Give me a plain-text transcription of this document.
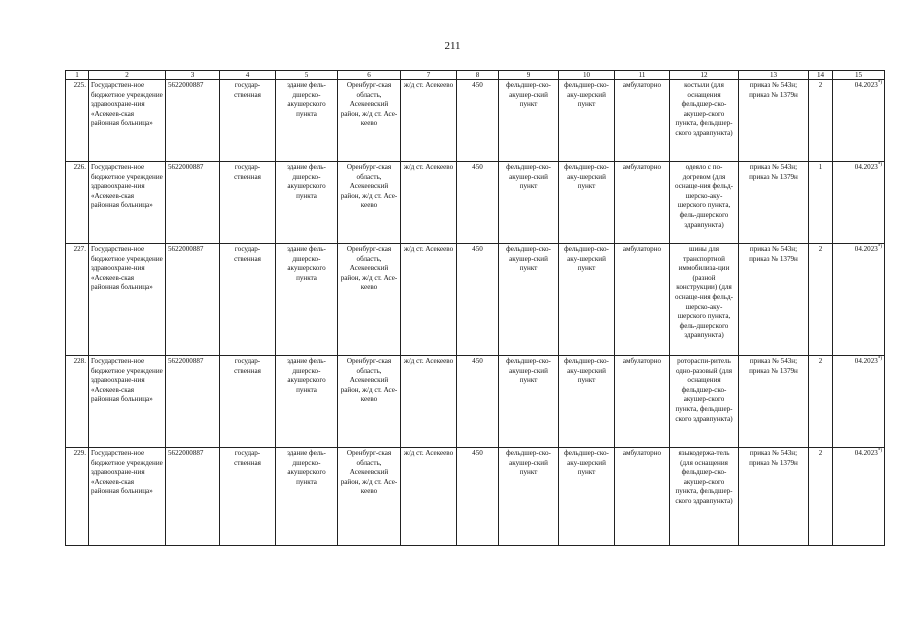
211
1	2	3	4	5	6	7	8	9	10	11	12	13	14	15
225.	Государствен-ное бюджетное учреждение здравоохране-ния «Асекеев-ская районная больница»	5622000887	государ-ственная	здание фель-дшерско-акушерского пункта	Оренбург-ская область, Асекеевский район, ж/д ст. Асе-кеево	ж/д ст. Асекеево	450	фельдшер-ско-акушер-ский пункт	фельдшер-ско-аку-шерский пункт	амбулаторно	костыли (для оснащения фельдшер-ско-акушер-ского пункта, фельдшер-ского здравпункта)	приказ № 543н; приказ № 1379н	2	04.2023*)
226.	Государствен-ное бюджетное учреждение здравоохране-ния «Асекеев-ская районная больница»	5622000887	государ-ственная	здание фель-дшерско-акушерского пункта	Оренбург-ская область, Асекеевский район, ж/д ст. Асе-кеево	ж/д ст. Асекеево	450	фельдшер-ско-акушер-ский пункт	фельдшер-ско-аку-шерский пункт	амбулаторно	одеяло с по-догревом (для оснаще-ния фельд-шерско-аку-шерского пункта, фель-дшерского здравпункта)	приказ № 543н; приказ № 1379н	1	04.2023*)
227.	Государствен-ное бюджетное учреждение здравоохране-ния «Асекеев-ская районная больница»	5622000887	государ-ственная	здание фель-дшерско-акушерского пункта	Оренбург-ская область, Асекеевский район, ж/д ст. Асе-кеево	ж/д ст. Асекеево	450	фельдшер-ско-акушер-ский пункт	фельдшер-ско-аку-шерский пункт	амбулаторно	шины для транспортной иммобилиза-ции (разной конструкции) (для оснаще-ния фельд-шерско-аку-шерского пункта, фель-дшерского здравпункта)	приказ № 543н; приказ № 1379н	2	04.2023*)
228.	Государствен-ное бюджетное учреждение здравоохране-ния «Асекеев-ская районная больница»	5622000887	государ-ственная	здание фель-дшерско-акушерского пункта	Оренбург-ская область, Асекеевский район, ж/д ст. Асе-кеево	ж/д ст. Асекеево	450	фельдшер-ско-акушер-ский пункт	фельдшер-ско-аку-шерский пункт	амбулаторно	ротораспи-ритель одно-разовый (для оснащения фельдшер-ско-акушер-ского пункта, фельдшер-ского здравпункта)	приказ № 543н; приказ № 1379н	2	04.2023*)
229.	Государствен-ное бюджетное учреждение здравоохране-ния «Асекеев-ская районная больница»	5622000887	государ-ственная	здание фель-дшерско-акушерского пункта	Оренбург-ская область, Асекеевский район, ж/д ст. Асе-кеево	ж/д ст. Асекеево	450	фельдшер-ско-акушер-ский пункт	фельдшер-ско-аку-шерский пункт	амбулаторно	языкодержа-тель (для оснащения фельдшер-ско-акушер-ского пункта, фельдшер-ского здравпункта)	приказ № 543н; приказ № 1379н	2	04.2023*)
